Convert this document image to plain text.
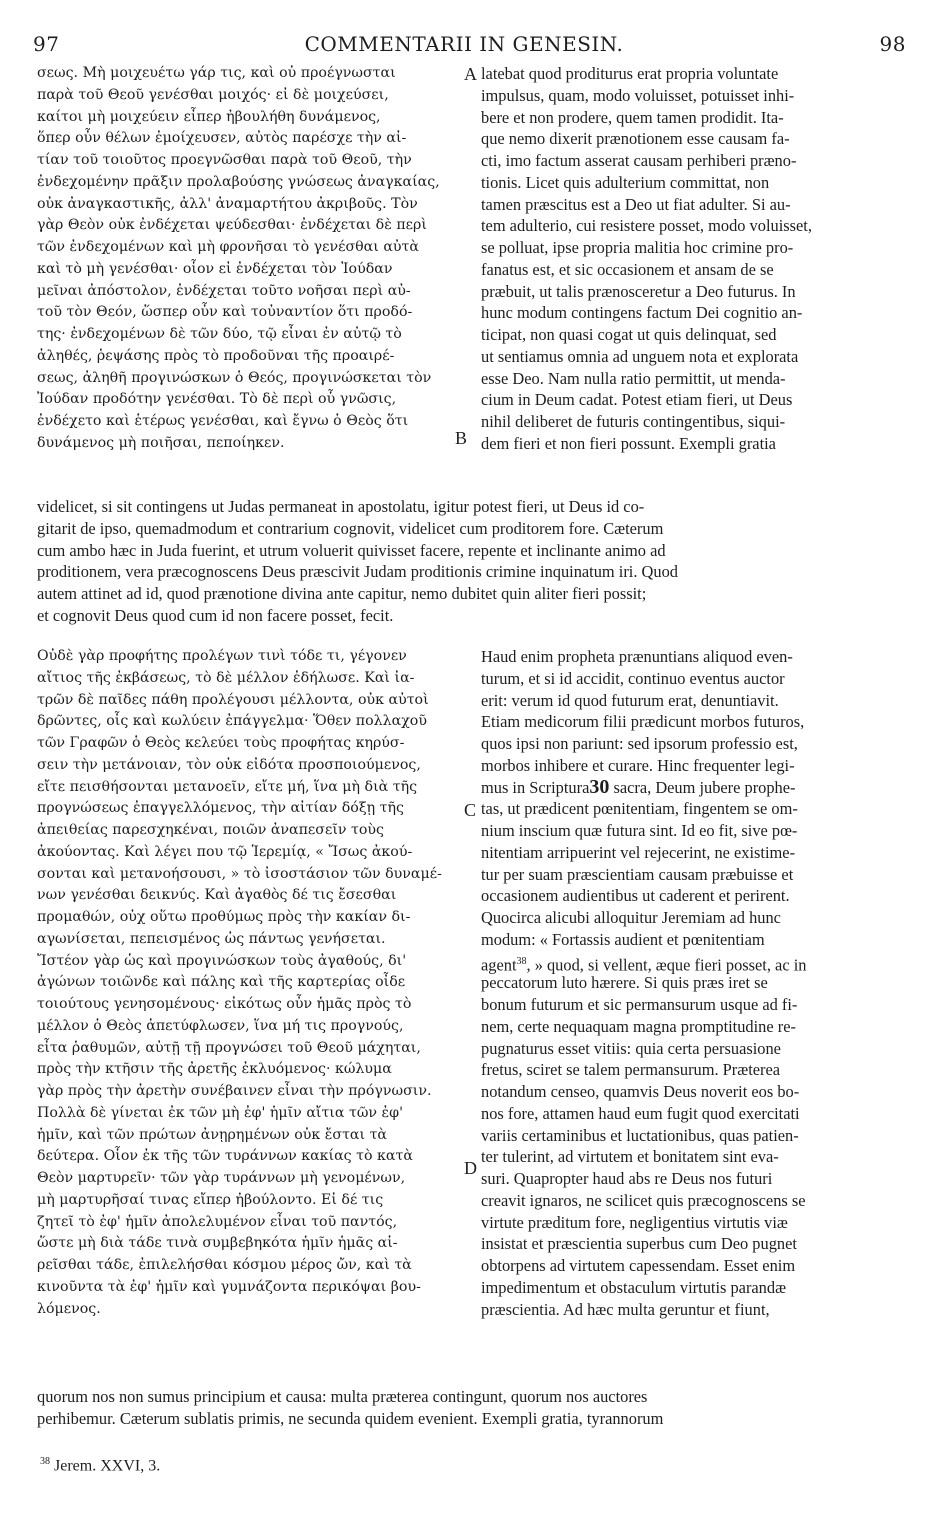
97	COMMENTARII IN GENESIN.	98
σεως. Μὴ μοιχευέτω γάρ τις, καὶ οὐ προέγνωσται
παρὰ τοῦ Θεοῦ γενέσθαι μοιχός· εἰ δὲ μοιχεύσει,
καίτοι μὴ μοιχεύειν εἶπερ ἠβουλήθη δυνάμενος,
ὅπερ οὖν θέλων ἐμοίχευσεν, αὐτὸς παρέσχε τὴν αἰ-
τίαν τοῦ τοιοῦτος προεγνῶσθαι παρὰ τοῦ Θεοῦ, τὴν
ἐνδεχομένην πρᾶξιν προλαβούσης γνώσεως ἀναγκαίας,
οὐκ ἀναγκαστικῆς, ἀλλ' ἀναμαρτήτου ἀκριβοῦς. Τὸν
γὰρ Θεὸν οὐκ ἐνδέχεται ψεύδεσθαι· ἐνδέχεται δὲ περὶ
τῶν ἐνδεχομένων καὶ μὴ φρονῆσαι τὸ γενέσθαι αὐτὰ
καὶ τὸ μὴ γενέσθαι· οἷον εἰ ἐνδέχεται τὸν Ἰούδαν
μεῖναι ἀπόστολον, ἐνδέχεται τοῦτο νοῆσαι περὶ αὐ-
τοῦ τὸν Θεόν, ὥσπερ οὖν καὶ τοὐναντίον ὅτι προδό-
της· ἐνδεχομένων δὲ τῶν δύο, τῷ εἶναι ἐν αὐτῷ τὸ
ἀληθές, ῥεψάσης πρὸς τὸ προδοῦναι τῆς προαιρέ-
σεως, ἀληθῆ προγινώσκων ὁ Θεός, προγινώσκεται τὸν
Ἰούδαν προδότην γενέσθαι. Τὸ δὲ περὶ οὗ γνῶσις,
ἐνδέχετο καὶ ἑτέρως γενέσθαι, καὶ ἔγνω ὁ Θεὸς ὅτι
δυνάμενος μὴ ποιῆσαι, πεποίηκεν.
A latebat quod proditurus erat propria voluntate
impulsus, quam, modo voluisset, potuisset inhi-
bere et non prodere, quem tamen prodidit. Ita-
que nemo dixerit prænotionem esse causam fa-
cti, imo factum asserat causam perhiberi præno-
tionis. Licet quis adulterium committat, non
tamen præscitus est a Deo ut fiat adulter. Si au-
tem adulterio, cui resistere posset, modo voluisset,
se polluat, ipse propria malitia hoc crimine pro-
fanatus est, et sic occasionem et ansam de se
præbuit, ut talis prænosceretur a Deo futurus. In
hunc modum contingens factum Dei cognitio an-
ticipat, non quasi cogat ut quis delinquat, sed
ut sentiamus omnia ad unguem nota et explorata
esse Deo. Nam nulla ratio permittit, ut menda-
cium in Deum cadat. Potest etiam fieri, ut Deus
nihil deliberet de futuris contingentibus, siqui-
dem fieri et non fieri possunt. Exempli gratia
B
videlicet, si sit contingens ut Judas permaneat in apostolatu, igitur potest fieri, ut Deus id co-
gitarit de ipso, quemadmodum et contrarium cognovit, videlicet cum proditorem fore. Cæterum
cum ambo hæc in Juda fuerint, et utrum voluerit quivisset facere, repente et inclinante animo ad
proditionem, vera præcognoscens Deus præscivit Judam proditionis crimine inquinatum iri. Quod
autem attinet ad id, quod prænotione divina ante capitur, nemo dubitet quin aliter fieri possit;
et cognovit Deus quod cum id non facere posset, fecit.
Οὐδὲ γὰρ προφήτης προλέγων τινὶ τόδε τι, γέγονεν
αἴτιος τῆς ἐκβάσεως, τὸ δὲ μέλλον ἐδήλωσε. Καὶ ἰα-
τρῶν δὲ παῖδες πάθη προλέγουσι μέλλοντα, οὐκ αὐτοὶ
δρῶντες, οἷς καὶ κωλύειν ἐπάγγελμα· Ὅθεν πολλαχοῦ
τῶν Γραφῶν ὁ Θεὸς κελεύει τοὺς προφήτας κηρύσ-
σειν τὴν μετάνοιαν, τὸν οὐκ εἰδότα προσποιούμενος,
εἴτε πεισθήσονται μετανοεῖν, εἴτε μή, ἵνα μὴ διὰ τῆς
προγνώσεως ἐπαγγελλόμενος, τὴν αἰτίαν δόξῃ τῆς
ἀπειθείας παρεσχηκέναι, ποιῶν ἀναπεσεῖν τοὺς
ἀκούοντας. Καὶ λέγει που τῷ Ἱερεμίᾳ, « Ἴσως ἀκού-
σονται καὶ μετανοήσουσι, » τὸ ἰσοστάσιον τῶν δυναμέ-
νων γενέσθαι δεικνύς. Καὶ ἀγαθὸς δέ τις ἔσεσθαι
προμαθών, οὐχ οὕτω προθύμως πρὸς τὴν κακίαν δι-
αγωνίσεται, πεπεισμένος ὡς πάντως γενήσεται.
Ἴστέον γὰρ ὡς καὶ προγινώσκων τοὺς ἀγαθούς, δι'
ἀγώνων τοιῶνδε καὶ πάλης καὶ τῆς καρτερίας οἶδε
τοιούτους γενησομένους· εἰκότως οὖν ἡμᾶς πρὸς τὸ
μέλλον ὁ Θεὸς ἀπετύφλωσεν, ἵνα μή τις προγνούς,
εἶτα ῥαθυμῶν, αὐτῇ τῇ προγνώσει τοῦ Θεοῦ μάχηται,
πρὸς τὴν κτῆσιν τῆς ἀρετῆς ἐκλυόμενος· κώλυμα
γὰρ πρὸς τὴν ἀρετὴν συνέβαινεν εἶναι τὴν πρόγνωσιν.
Πολλὰ δὲ γίνεται ἐκ τῶν μὴ ἐφ' ἡμῖν αἴτια τῶν ἐφ'
ἡμῖν, καὶ τῶν πρώτων ἀνῃρημένων οὐκ ἔσται τὰ
δεύτερα. Οἷον ἐκ τῆς τῶν τυράννων κακίας τὸ κατὰ
Θεὸν μαρτυρεῖν· τῶν γὰρ τυράννων μὴ γενομένων,
μὴ μαρτυρῆσαί τινας εἴπερ ἠβούλοντο. Εἰ δέ τις
ζητεῖ τὸ ἐφ' ἡμῖν ἀπολελυμένον εἶναι τοῦ παντός,
ὥστε μὴ διὰ τάδε τινὰ συμβεβηκότα ἡμῖν ἡμᾶς αἱ-
ρεῖσθαι τάδε, ἐπιλελήσθαι κόσμου μέρος ὤν, καὶ τὰ
κινοῦντα τὰ ἐφ' ἡμῖν καὶ γυμνάζοντα περικόψαι βου-
λόμενος.
C
D
Haud enim propheta prænuntians aliquod even-
turum, et si id accidit, continuo eventus auctor
erit: verum id quod futurum erat, denuntiavit.
Etiam medicorum filii prædicunt morbos futuros,
quos ipsi non pariunt: sed ipsorum professio est,
morbos inhibere et curare. Hinc frequenter legi-
mus in Scriptura30 sacra, Deum jubere prophe-
tas, ut prædicent pœnitentiam, fingentem se om-
nium inscium quæ futura sint. Id eo fit, sive pœ-
nitentiam arripuerint vel rejecerint, ne existime-
tur per suam præscientiam causam præbuisse et
occasionem audientibus ut caderent et perirent.
Quocirca alicubi alloquitur Jeremiam ad hunc
modum: « Fortassis audient et pœnitentiam
agent$^{38}$, » quod, si vellent, æque fieri posset, ac in
peccatorum luto hærere. Si quis præs iret se
bonum futurum et sic permansurum usque ad fi-
nem, certe nequaquam magna promptitudine re-
pugnaturus esset vitiis: quia certa persuasione
fretus, sciret se talem permansurum. Præterea
notandum censeo, quamvis Deus noverit eos bo-
nos fore, attamen haud eum fugit quod exercitati
variis certaminibus et luctationibus, quas patien-
ter tulerint, ad virtutem et bonitatem sint eva-
suri. Quapropter haud abs re Deus nos futuri
creavit ignaros, ne scilicet quis præcognoscens se
virtute præditum fore, negligentius virtutis viæ
insistat et præscientia superbus cum Deo pugnet
obtorpens ad virtutem capessendam. Esset enim
impedimentum et obstaculum virtutis parandæ
præscientia. Ad hæc multa geruntur et fiunt,
quorum nos non sumus principium et causa: multa præterea contingunt, quorum nos auctores
perhibemur. Cæterum sublatis primis, ne secunda quidem evenient. Exempli gratia, tyrannorum
$^{38}$ Jerem. XXVI, 3.
